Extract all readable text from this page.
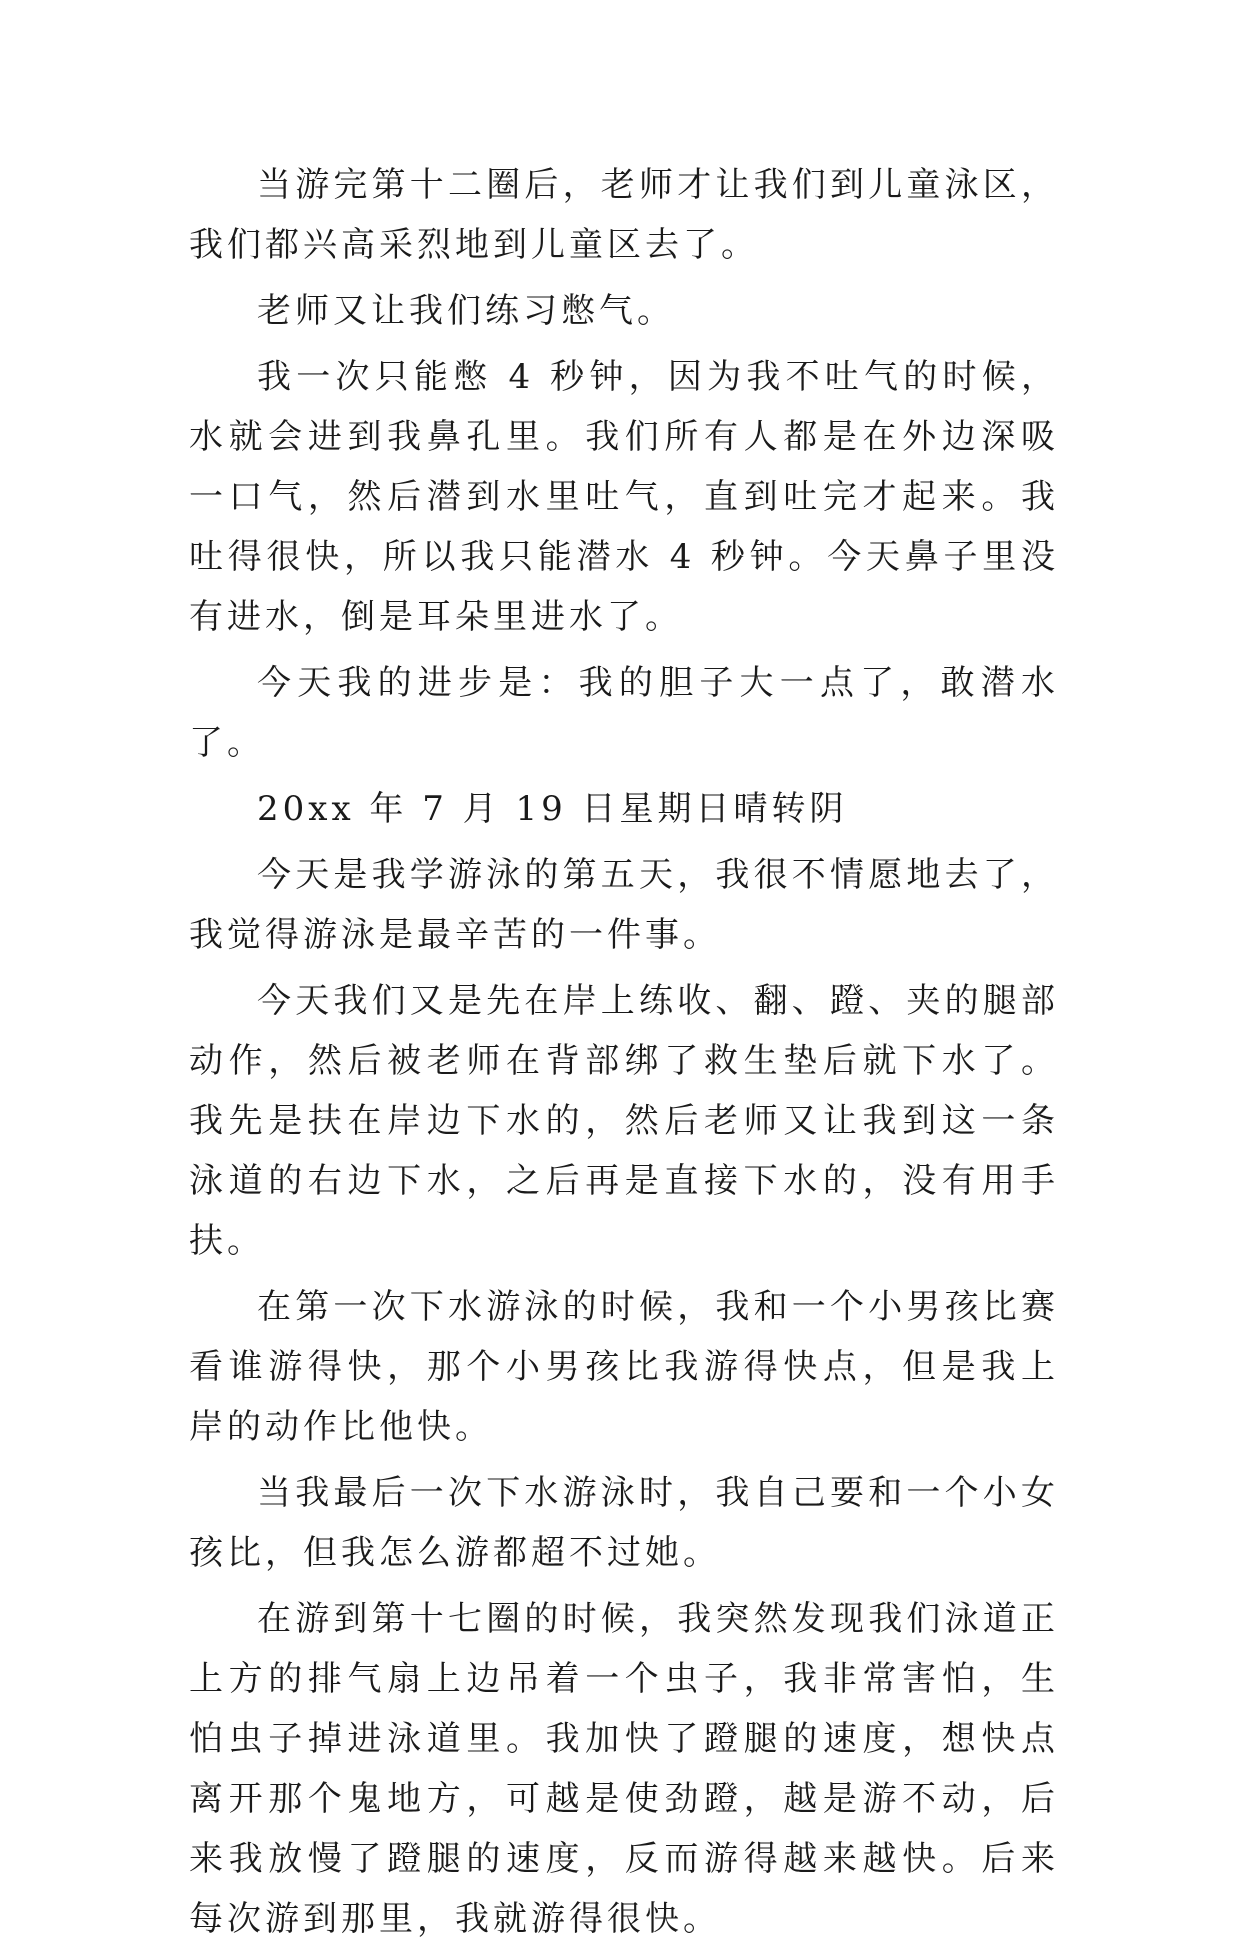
当游完第十二圈后，老师才让我们到儿童泳区，我们都兴高采烈地到儿童区去了。

老师又让我们练习憋气。

我一次只能憋 4 秒钟，因为我不吐气的时候，水就会进到我鼻孔里。我们所有人都是在外边深吸一口气，然后潜到水里吐气，直到吐完才起来。我吐得很快，所以我只能潜水 4 秒钟。今天鼻子里没有进水，倒是耳朵里进水了。

今天我的进步是：我的胆子大一点了，敢潜水了。

20xx 年 7 月 19 日星期日晴转阴

今天是我学游泳的第五天，我很不情愿地去了，我觉得游泳是最辛苦的一件事。

今天我们又是先在岸上练收、翻、蹬、夹的腿部动作，然后被老师在背部绑了救生垫后就下水了。我先是扶在岸边下水的，然后老师又让我到这一条泳道的右边下水，之后再是直接下水的，没有用手扶。

在第一次下水游泳的时候，我和一个小男孩比赛看谁游得快，那个小男孩比我游得快点，但是我上岸的动作比他快。

当我最后一次下水游泳时，我自己要和一个小女孩比，但我怎么游都超不过她。

在游到第十七圈的时候，我突然发现我们泳道正上方的排气扇上边吊着一个虫子，我非常害怕，生怕虫子掉进泳道里。我加快了蹬腿的速度，想快点离开那个鬼地方，可越是使劲蹬，越是游不动，后来我放慢了蹬腿的速度，反而游得越来越快。后来每次游到那里，我就游得很快。
